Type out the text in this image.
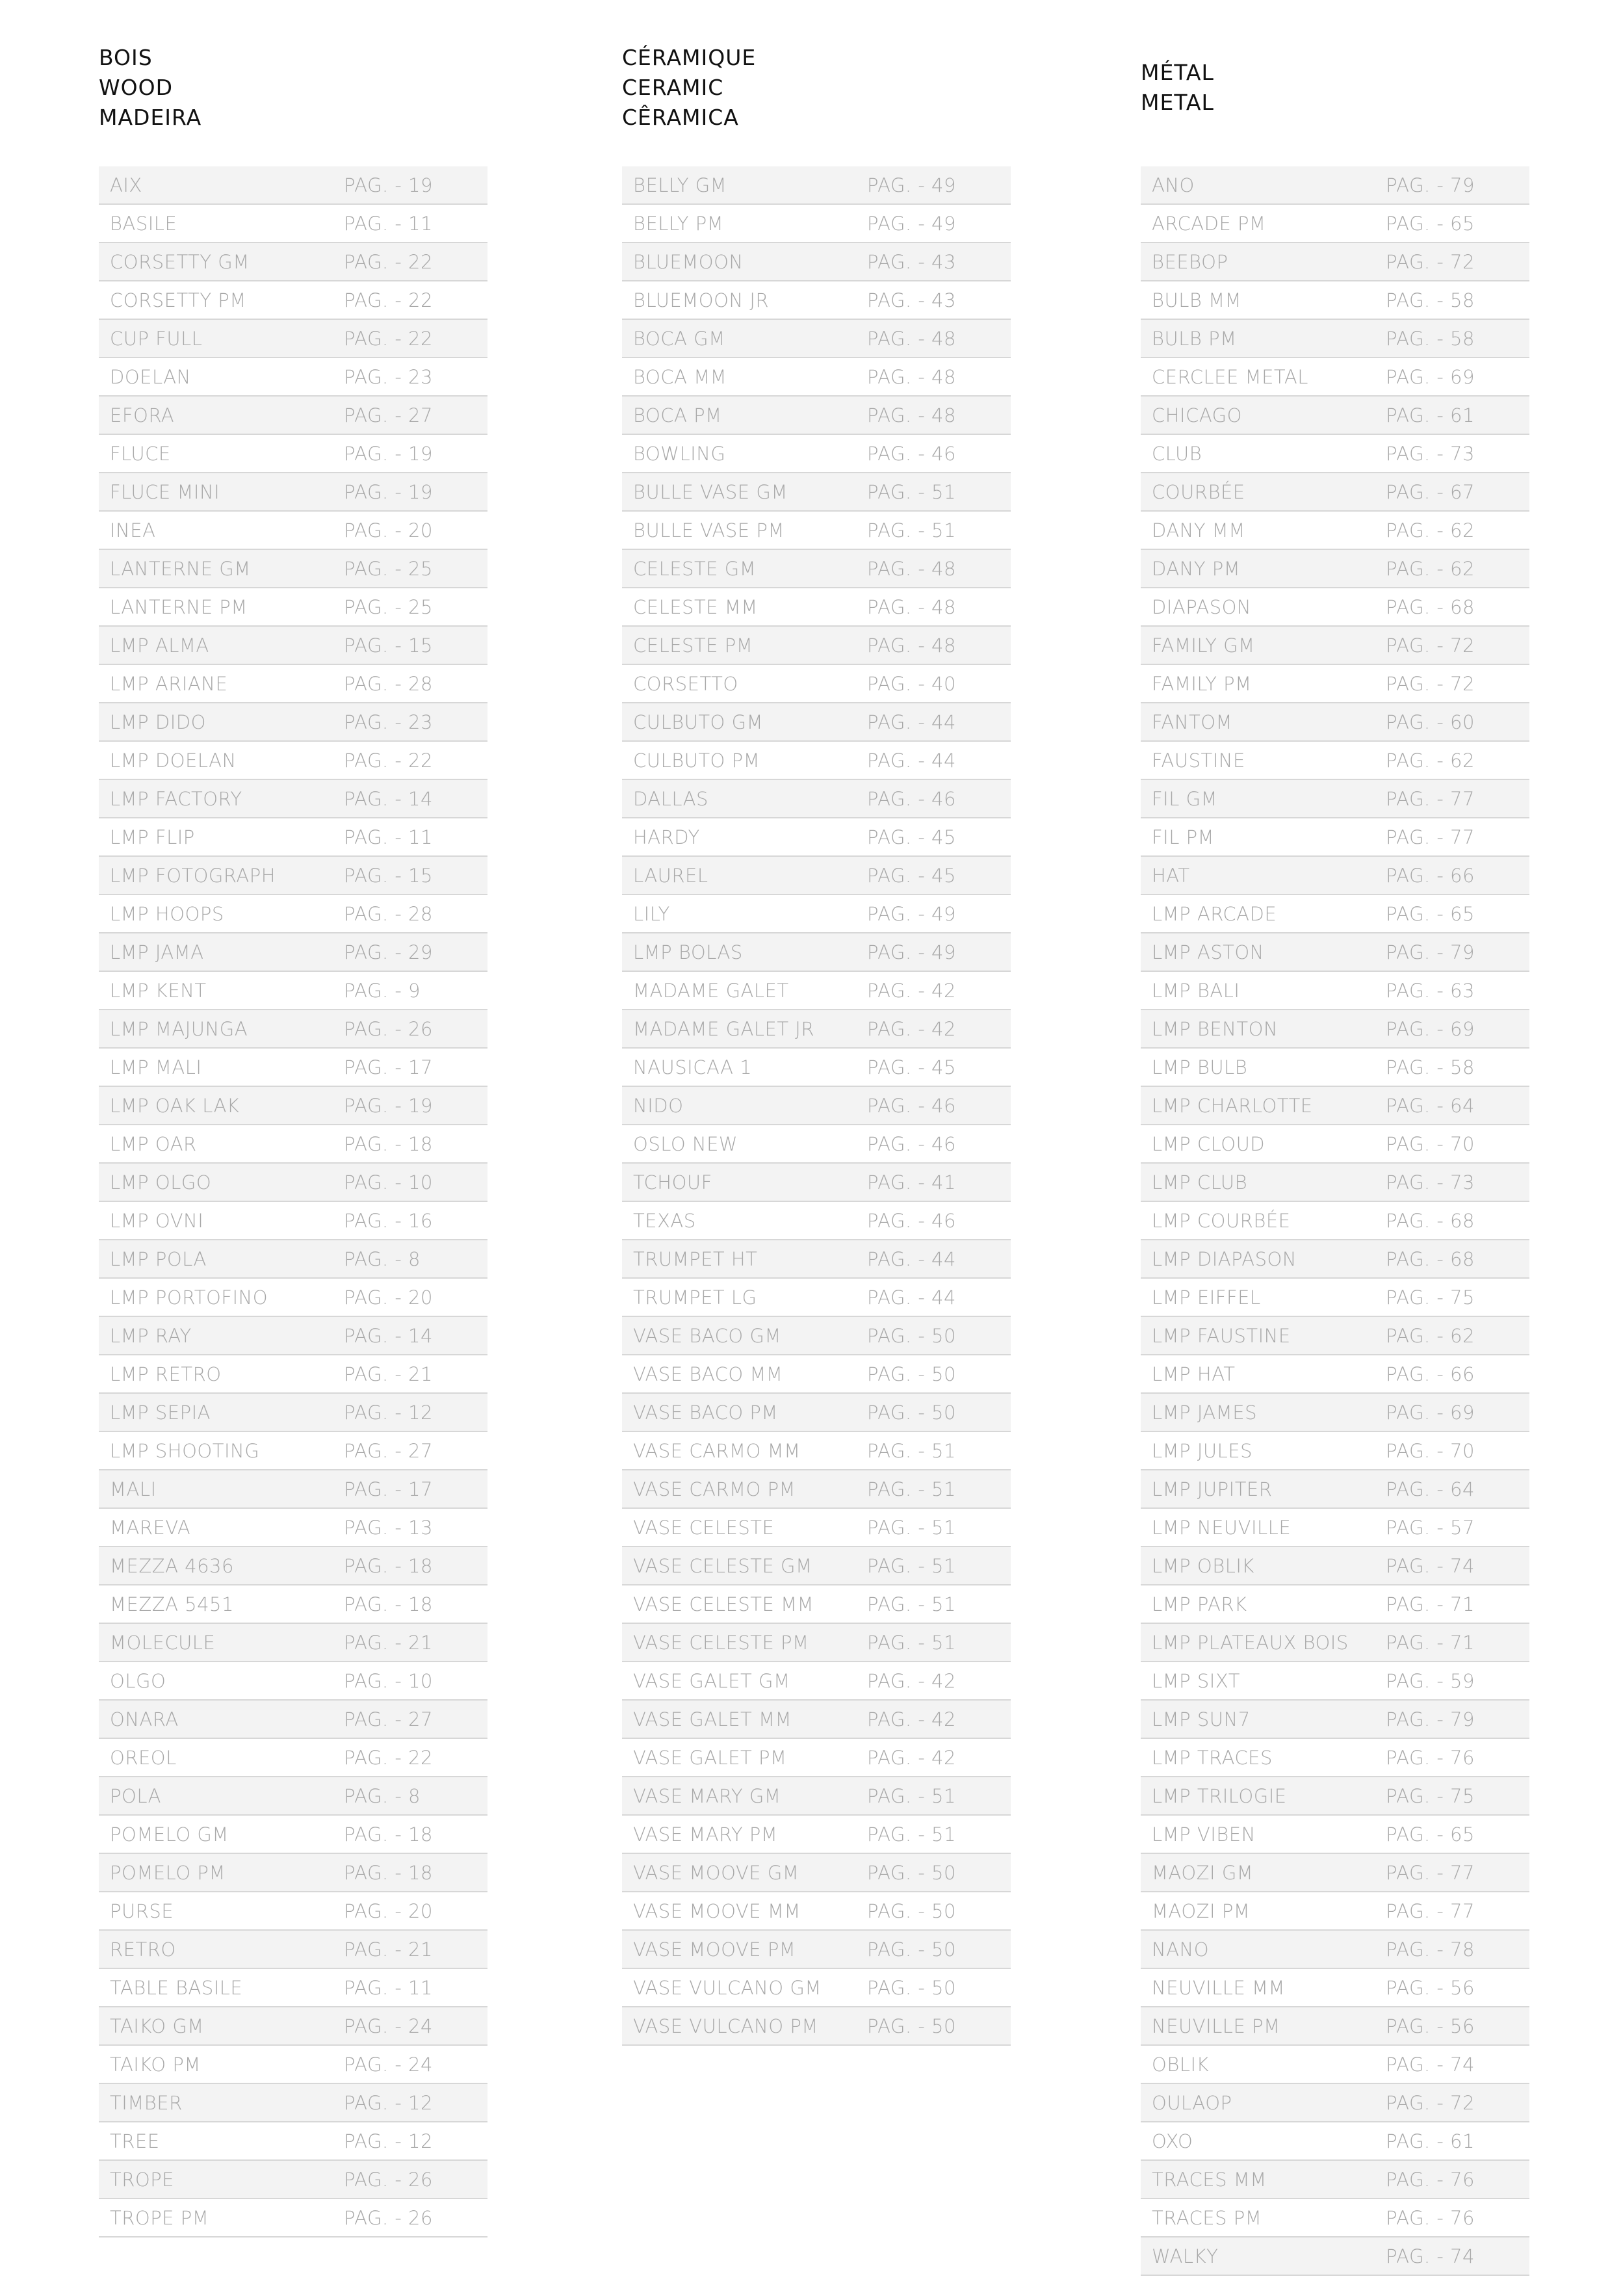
BOIS
WOOD
MADEIRA
AIX	PAG. - 19
BASILE	PAG. - 11
CORSETTY GM	PAG. - 22
CORSETTY PM	PAG. - 22
CUP FULL	PAG. - 22
DOELAN	PAG. - 23
EFORA	PAG. - 27
FLUCE	PAG. - 19
FLUCE MINI	PAG. - 19
INEA	PAG. - 20
LANTERNE GM	PAG. - 25
LANTERNE PM	PAG. - 25
LMP ALMA	PAG. - 15
LMP ARIANE	PAG. - 28
LMP DIDO	PAG. - 23
LMP DOELAN	PAG. - 22
LMP FACTORY	PAG. - 14
LMP FLIP	PAG. - 11
LMP FOTOGRAPH	PAG. - 15
LMP HOOPS	PAG. - 28
LMP JAMA	PAG. - 29
LMP KENT	PAG. - 9
LMP MAJUNGA	PAG. - 26
LMP MALI	PAG. - 17
LMP OAK LAK	PAG. - 19
LMP OAR	PAG. - 18
LMP OLGO	PAG. - 10
LMP OVNI	PAG. - 16
LMP POLA	PAG. - 8
LMP PORTOFINO	PAG. - 20
LMP RAY	PAG. - 14
LMP RETRO	PAG. - 21
LMP SEPIA	PAG. - 12
LMP SHOOTING	PAG. - 27
MALI	PAG. - 17
MAREVA	PAG. - 13
MEZZA 4636	PAG. - 18
MEZZA 5451	PAG. - 18
MOLECULE	PAG. - 21
OLGO	PAG. - 10
ONARA	PAG. - 27
OREOL	PAG. - 22
POLA	PAG. - 8
POMELO GM	PAG. - 18
POMELO PM	PAG. - 18
PURSE	PAG. - 20
RETRO	PAG. - 21
TABLE BASILE	PAG. - 11
TAIKO GM	PAG. - 24
TAIKO PM	PAG. - 24
TIMBER	PAG. - 12
TREE	PAG. - 12
TROPE	PAG. - 26
TROPE PM	PAG. - 26
CÉRAMIQUE
CERAMIC
CÊRAMICA
BELLY GM	PAG. - 49
BELLY PM	PAG. - 49
BLUEMOON	PAG. - 43
BLUEMOON JR	PAG. - 43
BOCA GM	PAG. - 48
BOCA MM	PAG. - 48
BOCA PM	PAG. - 48
BOWLING	PAG. - 46
BULLE VASE GM	PAG. - 51
BULLE VASE PM	PAG. - 51
CELESTE GM	PAG. - 48
CELESTE MM	PAG. - 48
CELESTE PM	PAG. - 48
CORSETTO	PAG. - 40
CULBUTO GM	PAG. - 44
CULBUTO PM	PAG. - 44
DALLAS	PAG. - 46
HARDY	PAG. - 45
LAUREL	PAG. - 45
LILY	PAG. - 49
LMP BOLAS	PAG. - 49
MADAME GALET	PAG. - 42
MADAME GALET JR	PAG. - 42
NAUSICAA 1	PAG. - 45
NIDO	PAG. - 46
OSLO NEW	PAG. - 46
TCHOUF	PAG. - 41
TEXAS	PAG. - 46
TRUMPET HT	PAG. - 44
TRUMPET LG	PAG. - 44
VASE BACO GM	PAG. - 50
VASE BACO MM	PAG. - 50
VASE BACO PM	PAG. - 50
VASE CARMO MM	PAG. - 51
VASE CARMO PM	PAG. - 51
VASE CELESTE	PAG. - 51
VASE CELESTE GM	PAG. - 51
VASE CELESTE MM	PAG. - 51
VASE CELESTE PM	PAG. - 51
VASE GALET GM	PAG. - 42
VASE GALET MM	PAG. - 42
VASE GALET PM	PAG. - 42
VASE MARY GM	PAG. - 51
VASE MARY PM	PAG. - 51
VASE MOOVE GM	PAG. - 50
VASE MOOVE MM	PAG. - 50
VASE MOOVE PM	PAG. - 50
VASE VULCANO GM PAG. - 50
VASE VULCANO PM	PAG. - 50
MÉTAL
METAL
ANO	PAG. - 79
ARCADE PM	PAG. - 65
BEEBOP	PAG. - 72
BULB MM	PAG. - 58
BULB PM	PAG. - 58
CERCLEE METAL	PAG. - 69
CHICAGO	PAG. - 61
CLUB	PAG. - 73
COURBÉE	PAG. - 67
DANY MM	PAG. - 62
DANY PM	PAG. - 62
DIAPASON	PAG. - 68
FAMILY GM	PAG. - 72
FAMILY PM	PAG. - 72
FANTOM	PAG. - 60
FAUSTINE	PAG. - 62
FIL GM	PAG. - 77
FIL PM	PAG. - 77
HAT	PAG. - 66
LMP ARCADE	PAG. - 65
LMP ASTON	PAG. - 79
LMP BALI	PAG. - 63
LMP BENTON	PAG. - 69
LMP BULB	PAG. - 58
LMP CHARLOTTE	PAG. - 64
LMP CLOUD	PAG. - 70
LMP CLUB	PAG. - 73
LMP COURBÉE	PAG. - 68
LMP DIAPASON	PAG. - 68
LMP EIFFEL	PAG. - 75
LMP FAUSTINE	PAG. - 62
LMP HAT	PAG. - 66
LMP JAMES	PAG. - 69
LMP JULES	PAG. - 70
LMP JUPITER	PAG. - 64
LMP NEUVILLE	PAG. - 57
LMP OBLIK	PAG. - 74
LMP PARK	PAG. - 71
LMP PLATEAUX BOIS PAG. - 71
LMP SIXT	PAG. - 59
LMP SUN7	PAG. - 79
LMP TRACES	PAG. - 76
LMP TRILOGIE	PAG. - 75
LMP VIBEN	PAG. - 65
MAOZI GM	PAG. - 77
MAOZI PM	PAG. - 77
NANO	PAG. - 78
NEUVILLE MM	PAG. - 56
NEUVILLE PM	PAG. - 56
OBLIK	PAG. - 74
OULAOP	PAG. - 72
OXO	PAG. - 61
TRACES MM	PAG. - 76
TRACES PM	PAG. - 76
WALKY	PAG. - 74
